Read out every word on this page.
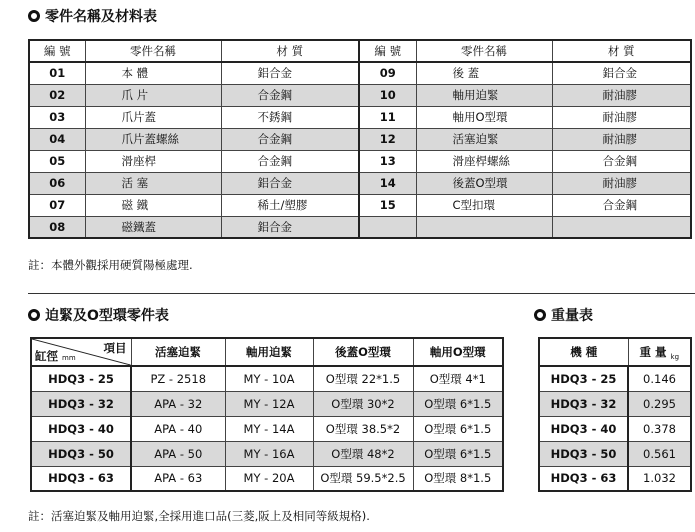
零件名稱及材料表
編 號	零件名稱	材 質	編 號	零件名稱	材 質
01	本 體	鋁合金	09	後 蓋	鋁合金
02	爪 片	合金鋼	10	軸用迫緊	耐油膠
03	爪片蓋	不銹鋼	11	軸用O型環	耐油膠
04	爪片蓋螺絲	合金鋼	12	活塞迫緊	耐油膠
05	滑座桿	合金鋼	13	滑座桿螺絲	合金鋼
06	活 塞	鋁合金	14	後蓋O型環	耐油膠
07	磁 鐵	稀土/塑膠	15	C型扣環	合金鋼
08	磁鐵蓋	鋁合金			
註：本體外觀採用硬質陽極處理.
迫緊及O型環零件表
項目
缸徑 mm	活塞迫緊	軸用迫緊	後蓋O型環	軸用O型環
HDQ3 - 25	PZ - 2518	MY - 10A	O型環 22*1.5	O型環 4*1
HDQ3 - 32	APA - 32	MY - 12A	O型環 30*2	O型環 6*1.5
HDQ3 - 40	APA - 40	MY - 14A	O型環 38.5*2	O型環 6*1.5
HDQ3 - 50	APA - 50	MY - 16A	O型環 48*2	O型環 6*1.5
HDQ3 - 63	APA - 63	MY - 20A	O型環 59.5*2.5	O型環 8*1.5
註：活塞迫緊及軸用迫緊,全採用進口品(三菱,阪上及相同等級規格).
重量表
機 種	重 量 $_{kg}$
HDQ3 - 25	0.146
HDQ3 - 32	0.295
HDQ3 - 40	0.378
HDQ3 - 50	0.561
HDQ3 - 63	1.032
